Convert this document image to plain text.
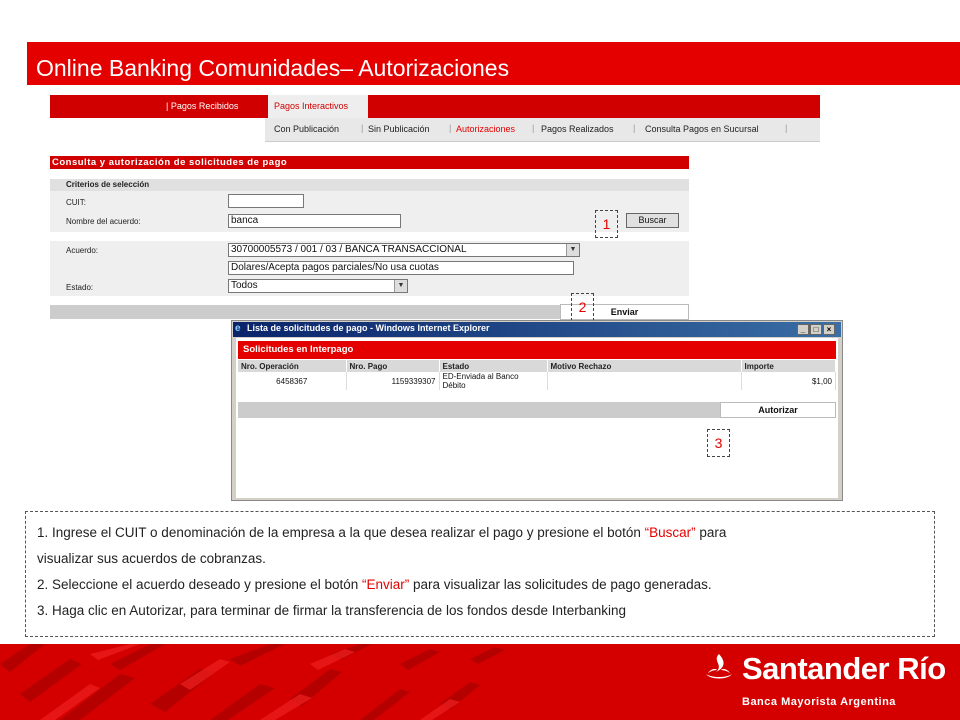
Online Banking Comunidades– Autorizaciones
| Pagos Recibidos	Pagos Interactivos
Con Publicación | Sin Publicación | Autorizaciones | Pagos Realizados | Consulta Pagos en Sucursal	|
Consulta y autorización de solicitudes de pago
Criterios de selección
CUIT:
Nombre del acuerdo:	banca	Buscar
Acuerdo:	30700005573 / 001 / 03 / BANCA TRANSACCIONAL	▼
Dolares/Acepta pagos parciales/No usa cuotas
Estado:	Todos	▼
Enviar
1
2
e Lista de solicitudes de pago - Windows Internet Explorer	_	□	×
Solicitudes en Interpago
Nro. Operación	Nro. Pago	Estado	Motivo Rechazo	Importe
6458367	1159339307	ED-Enviada al Banco Débito		$1,00
Autorizar
3
1. Ingrese el CUIT o denominación de la empresa a la que desea realizar el pago y presione el botón “Buscar” para
visualizar sus acuerdos de cobranzas.
2. Seleccione el acuerdo deseado y presione el botón “Enviar” para visualizar las solicitudes de pago generadas.
3. Haga clic en Autorizar, para terminar de firmar la transferencia de los fondos desde Interbanking
Santander Río
Banca Mayorista Argentina
